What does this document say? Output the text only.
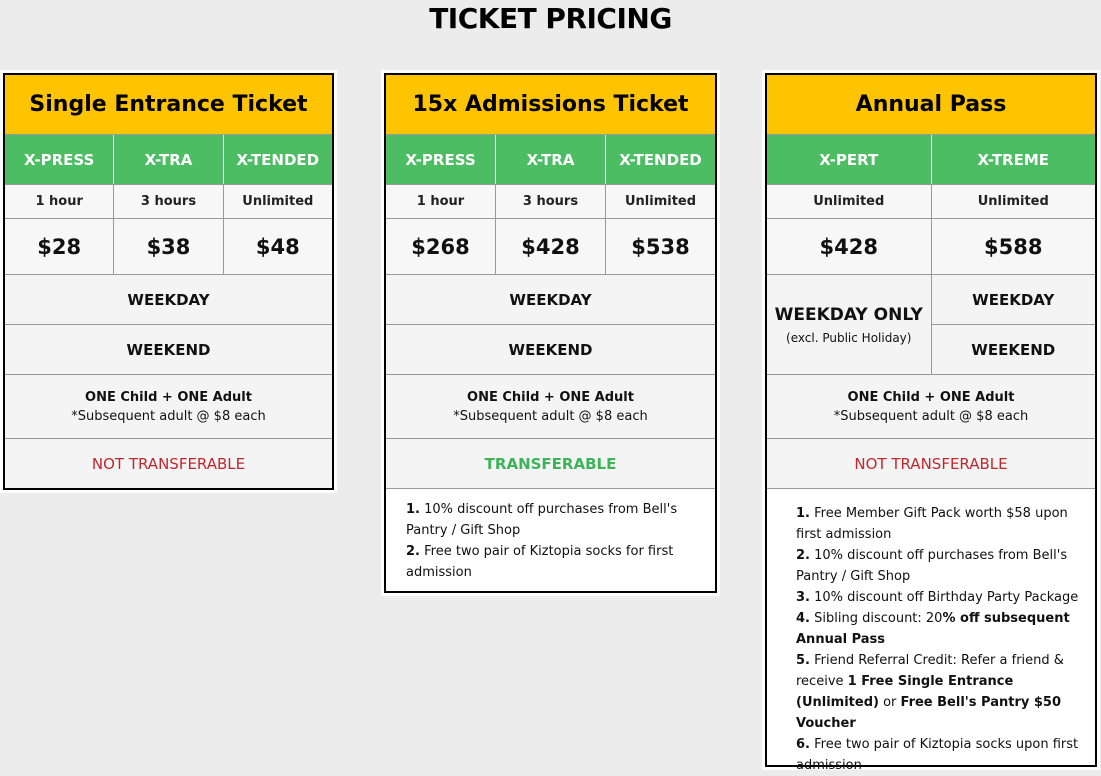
TICKET PRICING
Single Entrance Ticket
X-PRESS	X-TRA	X-TENDED
1 hour	3 hours	Unlimited
$28	$38	$48
WEEKDAY
WEEKEND
ONE Child + ONE Adult
*Subsequent adult @ $8 each
NOT TRANSFERABLE
15x Admissions Ticket
X-PRESS	X-TRA	X-TENDED
1 hour	3 hours	Unlimited
$268	$428	$538
WEEKDAY
WEEKEND
ONE Child + ONE Adult
*Subsequent adult @ $8 each
TRANSFERABLE
1. 10% discount off purchases from Bell's Pantry / Gift Shop
2. Free two pair of Kiztopia socks for first admission
Annual Pass
X-PERT	X-TREME
Unlimited	Unlimited
$428	$588
WEEKDAY ONLY
(excl. Public Holiday)
WEEKDAY
WEEKEND
ONE Child + ONE Adult
*Subsequent adult @ $8 each
NOT TRANSFERABLE
1. Free Member Gift Pack worth $58 upon first admission
2. 10% discount off purchases from Bell's Pantry / Gift Shop
3. 10% discount off Birthday Party Package
4. Sibling discount: 20% off subsequent Annual Pass
5. Friend Referral Credit: Refer a friend & receive 1 Free Single Entrance (Unlimited) or Free Bell's Pantry $50 Voucher
6. Free two pair of Kiztopia socks upon first admission
